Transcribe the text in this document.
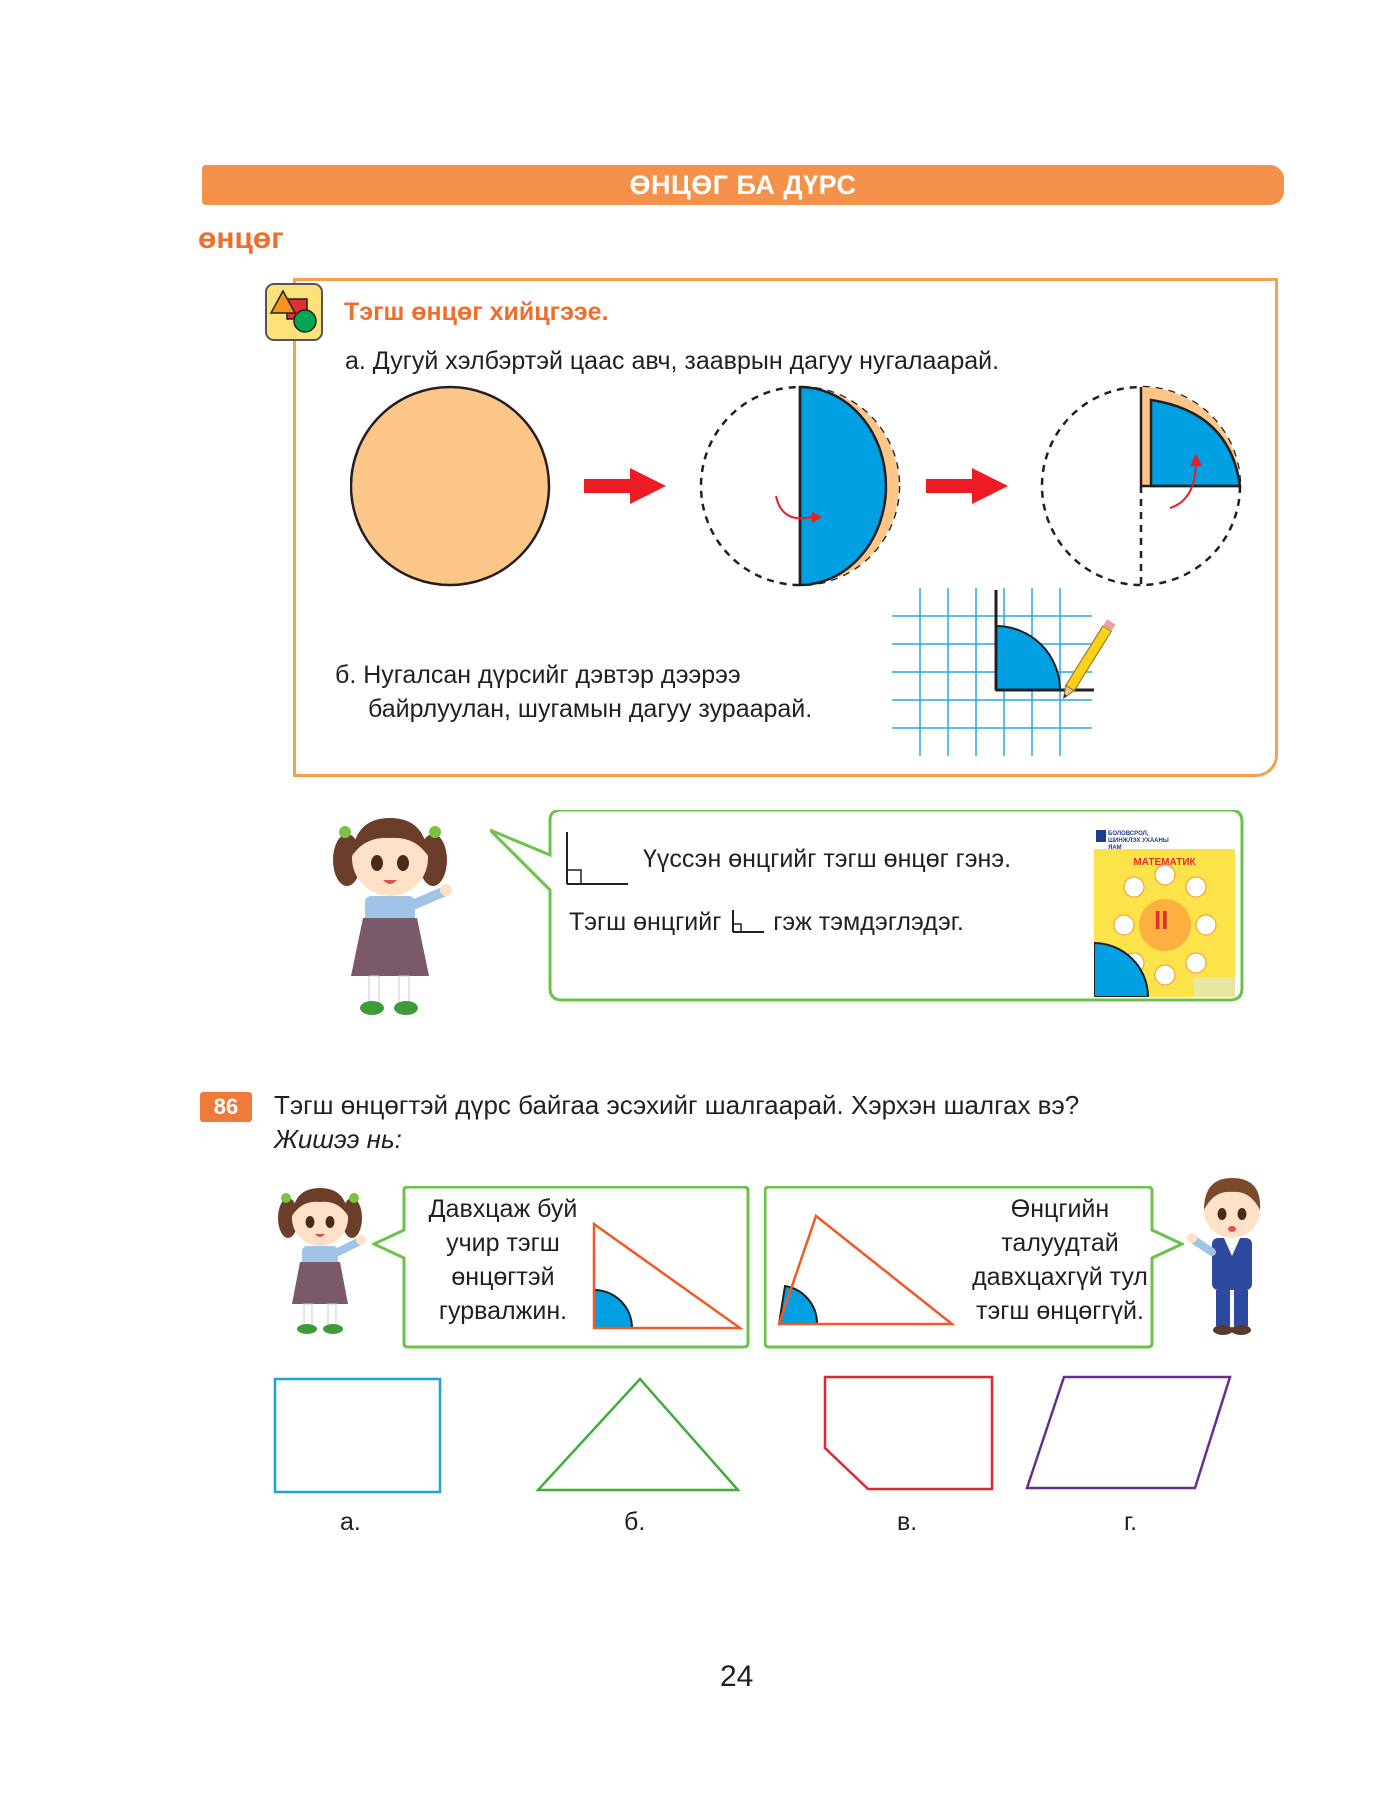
ӨНЦӨГ БА ДҮРС
өнцөг
Тэгш өнцөг хийцгээе.
а. Дугуй хэлбэртэй цаас авч, зааврын дагуу нугалаарай.
б. Нугалсан дүрсийг дэвтэр дээрээ
байрлуулан, шугамын дагуу зураарай.
Үүссэн өнцгийг тэгш өнцөг гэнэ.
Тэгш өнцгийг гэж тэмдэглэдэг.
БОЛОВСРОЛ, ШИНЖЛЭХ УХААНЫ ЯАМ
МАТЕМАТИК
II
86	Тэгш өнцөгтэй дүрс байгаа эсэхийг шалгаарай. Хэрхэн шалгах вэ?
Жишээ нь:
Давхцаж буй
учир тэгш
өнцөгтэй
гурвалжин.
Өнцгийн
талуудтай
давхцахгүй тул
тэгш өнцөггүй.
а.	б.	в.	г.
24
